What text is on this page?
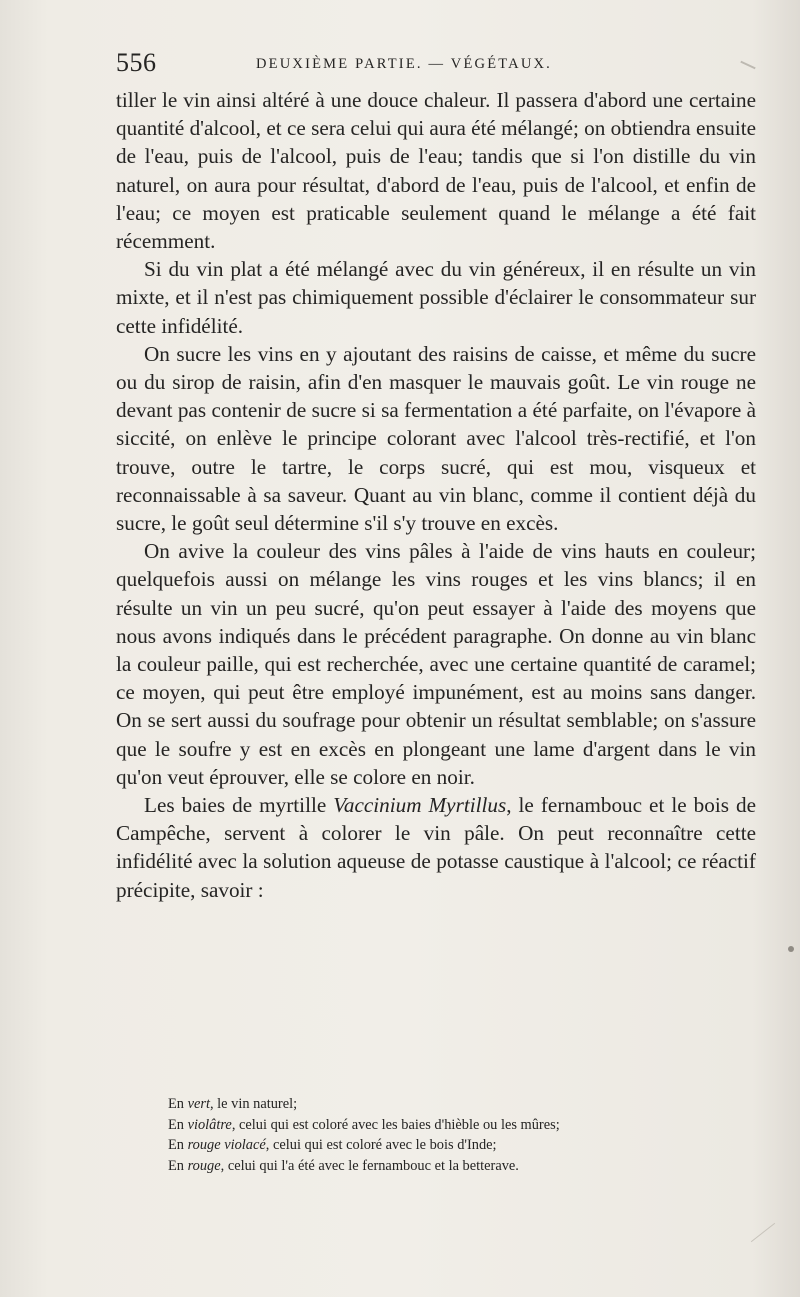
556	DEUXIÈME PARTIE. — VÉGÉTAUX.

tiller le vin ainsi altéré à une douce chaleur. Il passera d'abord une certaine quantité d'alcool, et ce sera celui qui aura été mélangé; on obtiendra ensuite de l'eau, puis de l'alcool, puis de l'eau; tandis que si l'on distille du vin naturel, on aura pour résultat, d'abord de l'eau, puis de l'alcool, et enfin de l'eau; ce moyen est praticable seulement quand le mélange a été fait récemment.

Si du vin plat a été mélangé avec du vin généreux, il en résulte un vin mixte, et il n'est pas chimiquement possible d'éclairer le consommateur sur cette infidélité.

On sucre les vins en y ajoutant des raisins de caisse, et même du sucre ou du sirop de raisin, afin d'en masquer le mauvais goût. Le vin rouge ne devant pas contenir de sucre si sa fermentation a été parfaite, on l'évapore à siccité, on enlève le principe colorant avec l'alcool très-rectifié, et l'on trouve, outre le tartre, le corps sucré, qui est mou, visqueux et reconnaissable à sa saveur. Quant au vin blanc, comme il contient déjà du sucre, le goût seul détermine s'il s'y trouve en excès.

On avive la couleur des vins pâles à l'aide de vins hauts en couleur; quelquefois aussi on mélange les vins rouges et les vins blancs; il en résulte un vin un peu sucré, qu'on peut essayer à l'aide des moyens que nous avons indiqués dans le précédent paragraphe. On donne au vin blanc la couleur paille, qui est recherchée, avec une certaine quantité de caramel; ce moyen, qui peut être employé impunément, est au moins sans danger. On se sert aussi du soufrage pour obtenir un résultat semblable; on s'assure que le soufre y est en excès en plongeant une lame d'argent dans le vin qu'on veut éprouver, elle se colore en noir.

Les baies de myrtille Vaccinium Myrtillus, le fernambouc et le bois de Campêche, servent à colorer le vin pâle. On peut reconnaître cette infidélité avec la solution aqueuse de potasse caustique à l'alcool; ce réactif précipite, savoir :

En vert, le vin naturel;
En violâtre, celui qui est coloré avec les baies d'hièble ou les mûres;
En rouge violacé, celui qui est coloré avec le bois d'Inde;
En rouge, celui qui l'a été avec le fernambouc et la betterave.
